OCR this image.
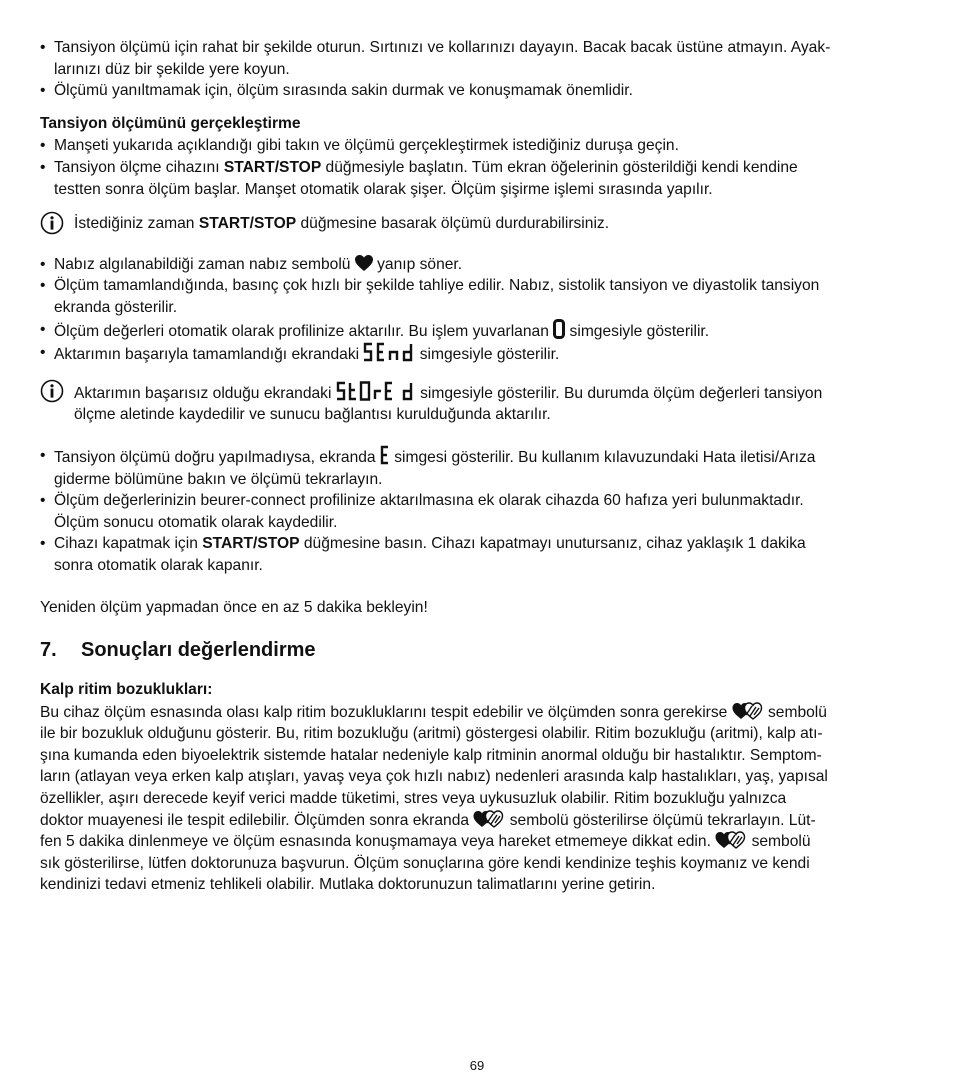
• Tansiyon ölçümü için rahat bir şekilde oturun. Sırtınızı ve kollarınızı dayayın. Bacak bacak üstüne atmayın. Ayak-
larınızı düz bir şekilde yere koyun.
• Ölçümü yanıltmamak için, ölçüm sırasında sakin durmak ve konuşmamak önemlidir.
Tansiyon ölçümünü gerçekleştirme
• Manşeti yukarıda açıklandığı gibi takın ve ölçümü gerçekleştirmek istediğiniz duruşa geçin.
• Tansiyon ölçme cihazını START/STOP düğmesiyle başlatın. Tüm ekran öğelerinin gösterildiği kendi kendine
testten sonra ölçüm başlar. Manşet otomatik olarak şişer. Ölçüm şişirme işlemi sırasında yapılır.
İstediğiniz zaman START/STOP düğmesine basarak ölçümü durdurabilirsiniz.
• Nabız algılanabildiği zaman nabız sembolü  yanıp söner.
• Ölçüm tamamlandığında, basınç çok hızlı bir şekilde tahliye edilir. Nabız, sistolik tansiyon ve diyastolik tansiyon
ekranda gösterilir.
• Ölçüm değerleri otomatik olarak profilinize aktarılır. Bu işlem yuvarlanan  simgesiyle gösterilir.
• Aktarımın başarıyla tamamlandığı ekrandaki	simgesiyle gösterilir.
Aktarımın başarısız olduğu ekrandaki	simgesiyle gösterilir. Bu durumda ölçüm değerleri tansiyon
ölçme aletinde kaydedilir ve sunucu bağlantısı kurulduğunda aktarılır.
• Tansiyon ölçümü doğru yapılmadıysa, ekranda  simgesi gösterilir. Bu kullanım kılavuzundaki Hata iletisi/Arıza
giderme bölümüne bakın ve ölçümü tekrarlayın.
• Ölçüm değerlerinizin beurer-connect profilinize aktarılmasına ek olarak cihazda 60 hafıza yeri bulunmaktadır.
Ölçüm sonucu otomatik olarak kaydedilir.
• Cihazı kapatmak için START/STOP düğmesine basın. Cihazı kapatmayı unutursanız, cihaz yaklaşık 1 dakika
sonra otomatik olarak kapanır.

Yeniden ölçüm yapmadan önce en az 5 dakika bekleyin!

7. Sonuçları değerlendirme
Kalp ritim bozuklukları:
Bu cihaz ölçüm esnasında olası kalp ritim bozukluklarını tespit edebilir ve ölçümden sonra gerekirse  sembolü
ile bir bozukluk olduğunu gösterir. Bu, ritim bozukluğu (aritmi) göstergesi olabilir. Ritim bozukluğu (aritmi), kalp atı-
şına kumanda eden biyoelektrik sistemde hatalar nedeniyle kalp ritminin anormal olduğu bir hastalıktır. Semptom-
ların (atlayan veya erken kalp atışları, yavaş veya çok hızlı nabız) nedenleri arasında kalp hastalıkları, yaş, yapısal
özellikler, aşırı derecede keyif verici madde tüketimi, stres veya uykusuzluk olabilir. Ritim bozukluğu yalnızca
doktor muayenesi ile tespit edilebilir. Ölçümden sonra ekranda  sembolü gösterilirse ölçümü tekrarlayın. Lüt-
fen 5 dakika dinlenmeye ve ölçüm esnasında konuşmamaya veya hareket etmemeye dikkat edin.  sembolü
sık gösterilirse, lütfen doktorunuza başvurun. Ölçüm sonuçlarına göre kendi kendinize teşhis koymanız ve kendi
kendinizi tedavi etmeniz tehlikeli olabilir. Mutlaka doktorunuzun talimatlarını yerine getirin.
69
